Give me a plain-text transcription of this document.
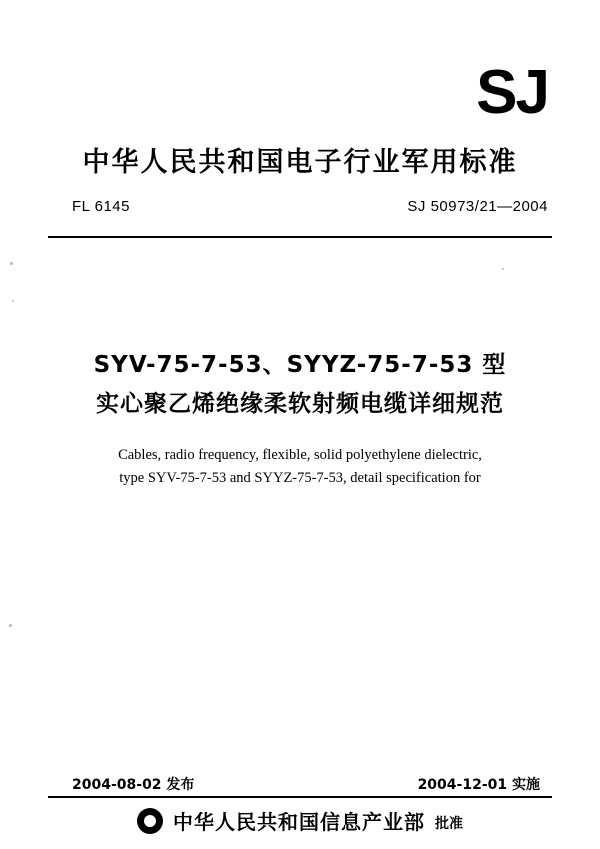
SJ
中华人民共和国电子行业军用标准
FL 6145	SJ 50973/21—2004
SYV-75-7-53、SYYZ-75-7-53 型
实心聚乙烯绝缘柔软射频电缆详细规范
Cables, radio frequency, flexible, solid polyethylene dielectric,
type SYV-75-7-53 and SYYZ-75-7-53, detail specification for
2004-08-02 发布	2004-12-01 实施
中华人民共和国信息产业部 批准
